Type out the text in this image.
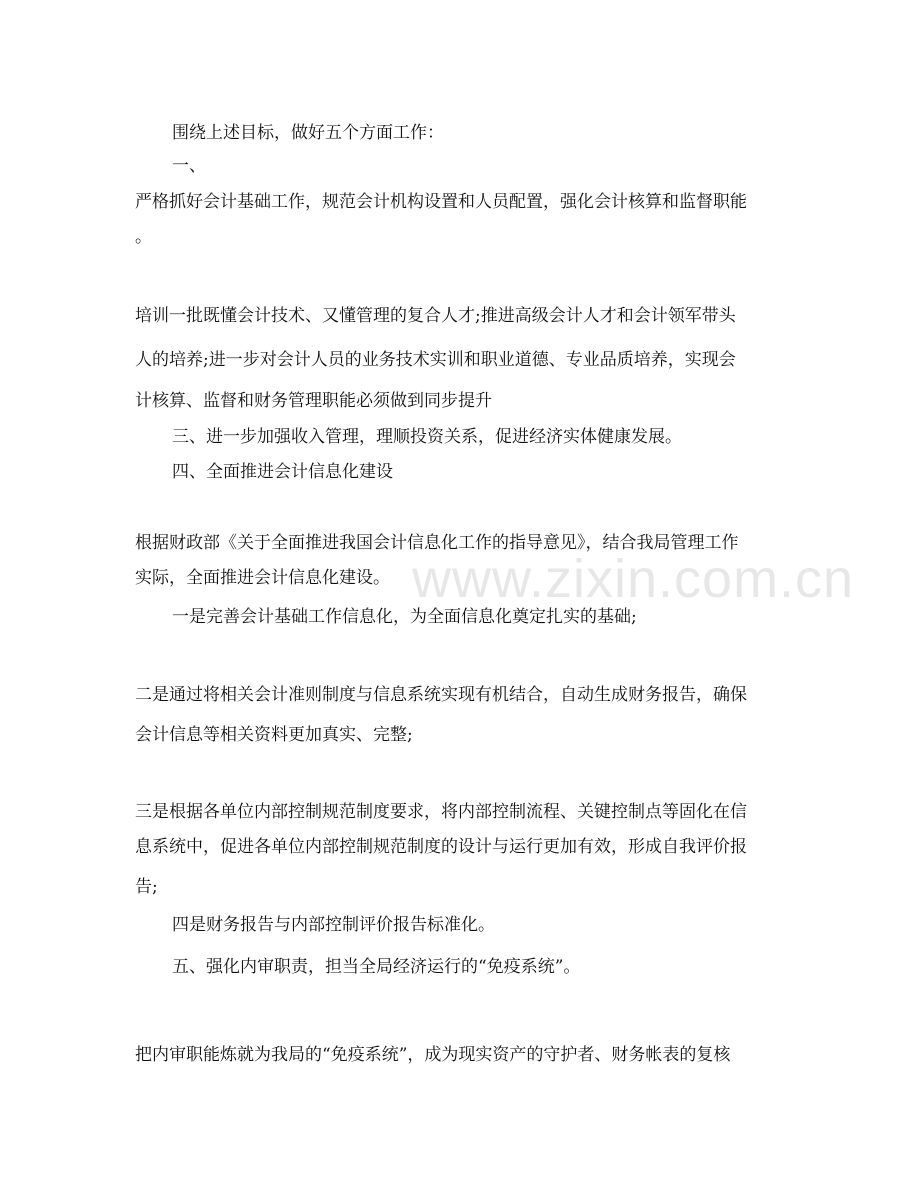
围绕上述目标，做好五个方面工作：
一、
严格抓好会计基础工作，规范会计机构设置和人员配置，强化会计核算和监督职能
。
培训一批既懂会计技术、又懂管理的复合人才;推进高级会计人才和会计领军带头
人的培养;进一步对会计人员的业务技术实训和职业道德、专业品质培养，实现会
计核算、监督和财务管理职能必须做到同步提升
三、进一步加强收入管理，理顺投资关系，促进经济实体健康发展。
四、全面推进会计信息化建设
根据财政部《关于全面推进我国会计信息化工作的指导意见》，结合我局管理工作
实际，全面推进会计信息化建设。
一是完善会计基础工作信息化，为全面信息化奠定扎实的基础;
二是通过将相关会计准则制度与信息系统实现有机结合，自动生成财务报告，确保
会计信息等相关资料更加真实、完整;
三是根据各单位内部控制规范制度要求，将内部控制流程、关键控制点等固化在信
息系统中，促进各单位内部控制规范制度的设计与运行更加有效，形成自我评价报
告;
四是财务报告与内部控制评价报告标准化。
五、强化内审职责，担当全局经济运行的“免疫系统”。
把内审职能炼就为我局的“免疫系统”，成为现实资产的守护者、财务帐表的复核
www.zixin.com.cn
